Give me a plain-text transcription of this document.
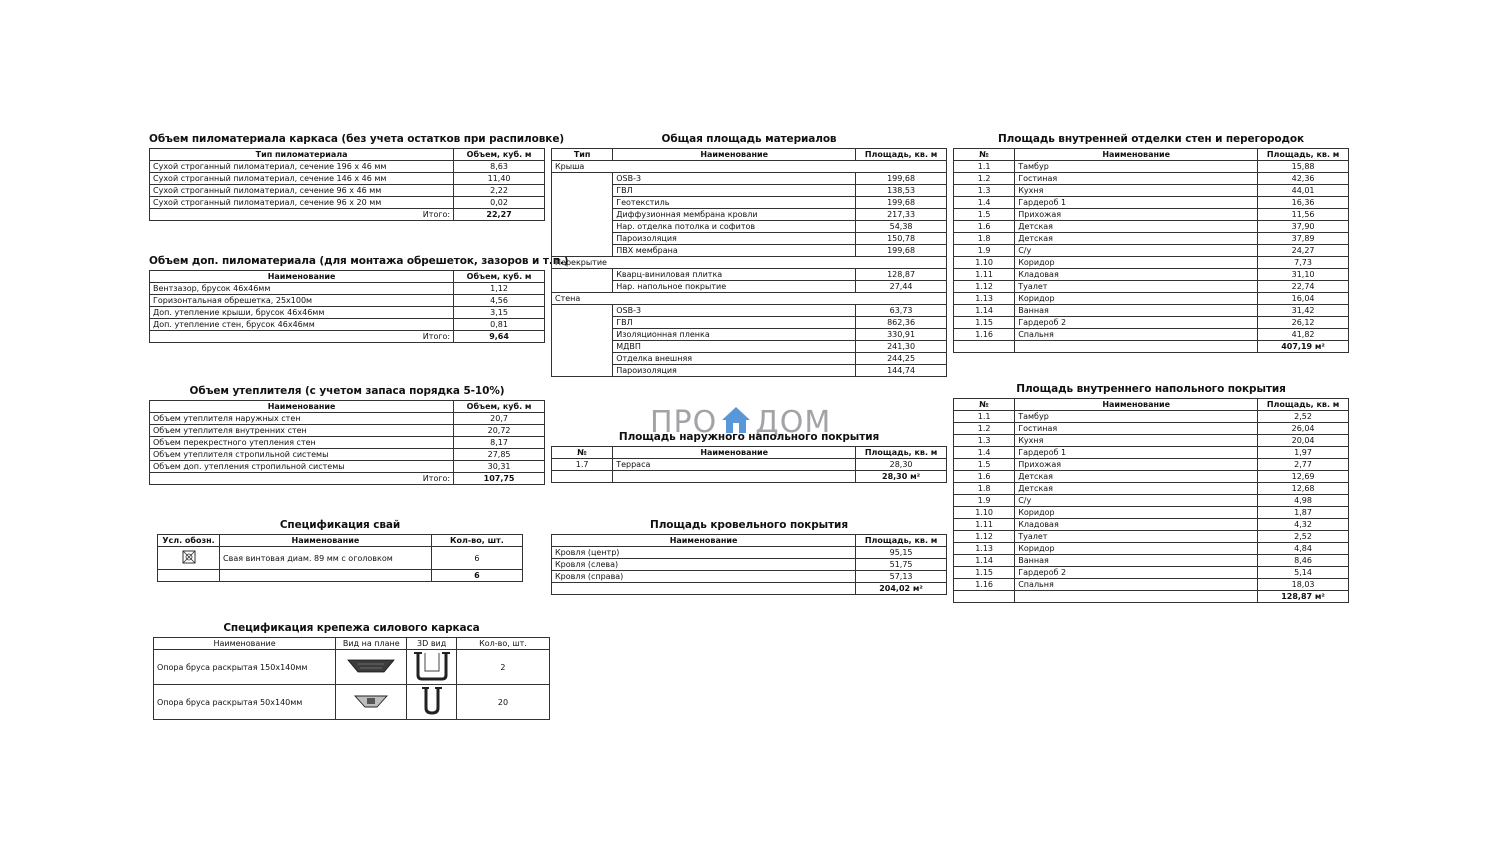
Объем пиломатериала каркаса (без учета остатков при распиловке)
Тип пиломатериала	Объем, куб. м
Сухой строганный пиломатериал, сечение 196 х 46 мм	8,63
Сухой строганный пиломатериал, сечение 146 х 46 мм	11,40
Сухой строганный пиломатериал, сечение 96 х 46 мм	2,22
Сухой строганный пиломатериал, сечение 96 х 20 мм	0,02
Итого:	22,27
Объем доп. пиломатериала (для монтажа обрешеток, зазоров и т.п.)
Наименование	Объем, куб. м
Вентзазор, брусок 46х46мм	1,12
Горизонтальная обрешетка, 25х100м	4,56
Доп. утепление крыши, брусок 46х46мм	3,15
Доп. утепление стен, брусок 46х46мм	0,81
Итого:	9,64
Объем утеплителя (с учетом запаса порядка 5-10%)
Наименование	Объем, куб. м
Объем утеплителя наружных стен	20,7
Объем утеплителя внутренних стен	20,72
Объем перекрестного утепления стен	8,17
Объем утеплителя стропильной системы	27,85
Объем доп. утепления стропильной системы	30,31
Итого:	107,75
Спецификация свай
Усл. обозн.	Наименование	Кол-во, шт.
	Свая винтовая диам. 89 мм с оголовком	6
		6
Спецификация крепежа силового каркаса
Наименование	Вид на плане	3D вид	Кол-во, шт.
Опора бруса раскрытая 150х140мм			2
Опора бруса раскрытая 50х140мм			20
Общая площадь материалов
Тип	Наименование	Площадь, кв. м
Крыша		
	OSB-3	199,68
	ГВЛ	138,53
	Геотекстиль	199,68
	Диффузионная мембрана кровли	217,33
	Нар. отделка потолка и софитов	54,38
	Пароизоляция	150,78
	ПВХ мембрана	199,68
Перекрытие		
	Кварц-виниловая плитка	128,87
	Нар. напольное покрытие	27,44
Стена		
	OSB-3	63,73
	ГВЛ	862,36
	Изоляционная пленка	330,91
	МДВП	241,30
	Отделка внешняя	244,25
	Пароизоляция	144,74
ПРО ДОМ
Площадь наружного напольного покрытия
№	Наименование	Площадь, кв. м
1.7	Терраса	28,30
		28,30 м²
Площадь кровельного покрытия
Наименование	Площадь, кв. м
Кровля (центр)	95,15
Кровля (слева)	51,75
Кровля (справа)	57,13
	204,02 м²
Площадь внутренней отделки стен и перегородок
№	Наименование	Площадь, кв. м
1.1	Тамбур	15,88
1.2	Гостиная	42,36
1.3	Кухня	44,01
1.4	Гардероб 1	16,36
1.5	Прихожая	11,56
1.6	Детская	37,90
1.8	Детская	37,89
1.9	С/у	24,27
1.10	Коридор	7,73
1.11	Кладовая	31,10
1.12	Туалет	22,74
1.13	Коридор	16,04
1.14	Ванная	31,42
1.15	Гардероб 2	26,12
1.16	Спальня	41,82
		407,19 м²
Площадь внутреннего напольного покрытия
№	Наименование	Площадь, кв. м
1.1	Тамбур	2,52
1.2	Гостиная	26,04
1.3	Кухня	20,04
1.4	Гардероб 1	1,97
1.5	Прихожая	2,77
1.6	Детская	12,69
1.8	Детская	12,68
1.9	С/у	4,98
1.10	Коридор	1,87
1.11	Кладовая	4,32
1.12	Туалет	2,52
1.13	Коридор	4,84
1.14	Ванная	8,46
1.15	Гардероб 2	5,14
1.16	Спальня	18,03
		128,87 м²
